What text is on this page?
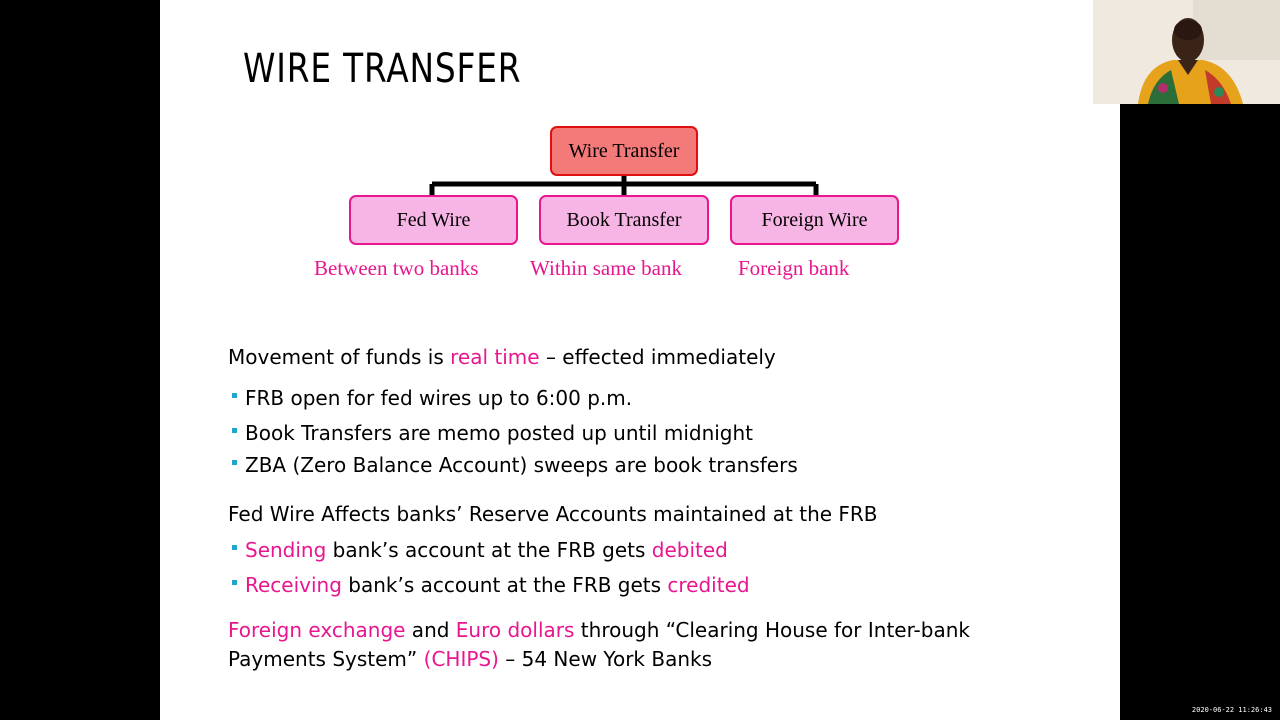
WIRE TRANSFER
Wire Transfer
Fed Wire	Book Transfer	Foreign Wire
Between two banks Within same bank	Foreign bank
Movement of funds is real time – effected immediately
FRB open for fed wires up to 6:00 p.m.
Book Transfers are memo posted up until midnight
ZBA (Zero Balance Account) sweeps are book transfers
Fed Wire Affects banks’ Reserve Accounts maintained at the FRB
Sending bank’s account at the FRB gets debited
Receiving bank’s account at the FRB gets credited
Foreign exchange and Euro dollars through “Clearing House for Inter-bank
Payments System” (CHIPS) – 54 New York Banks
2020-06-22 11:26:43
